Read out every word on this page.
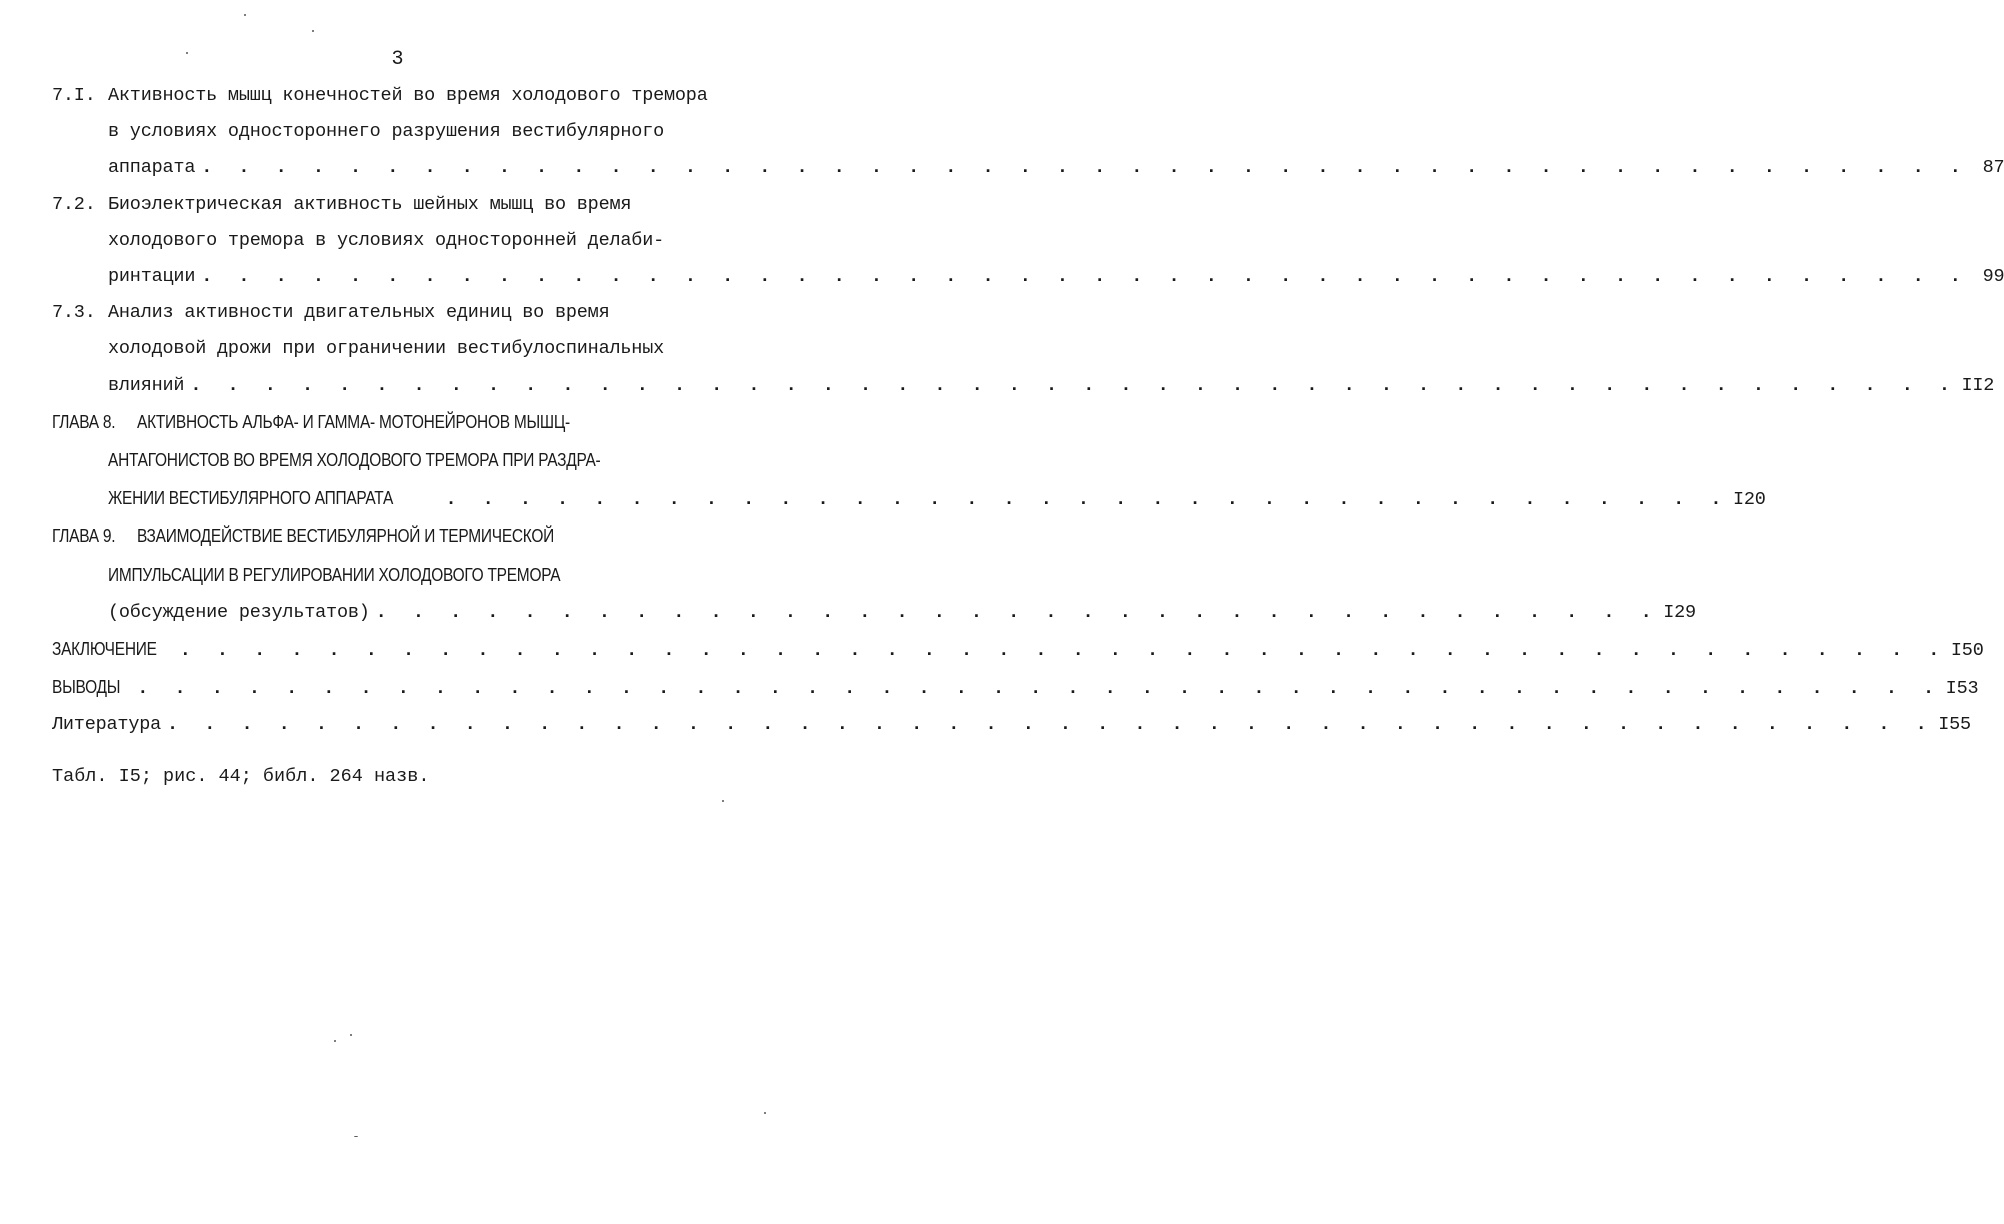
3
7.I. Активность мышц конечностей во время холодового тремора
в условиях одностороннего разрушения вестибулярного
аппарата . . . . . . . . . . . . . . . . . . . . . . . . . . . . . . . . . . . . . . . . . . . . . . . . 87
7.2. Биоэлектрическая активность шейных мышц во время
холодового тремора в условиях односторонней делаби-
ринтации . . . . . . . . . . . . . . . . . . . . . . . . . . . . . . . . . . . . . . . . . . . . . . . . 99
7.3. Анализ активности двигательных единиц во время
холодовой дрожи при ограничении вестибулоспинальных
влияний . . . . . . . . . . . . . . . . . . . . . . . . . . . . . . . . . . . . . . . . . . . . . . . . II2
ГЛАВА 8. АКТИВНОСТЬ АЛЬФА- И ГАММА- МОТОНЕЙРОНОВ МЫШЦ-
АНТАГОНИСТОВ ВО ВРЕМЯ ХОЛОДОВОГО ТРЕМОРА ПРИ РАЗДРА-
ЖЕНИИ ВЕСТИБУЛЯРНОГО АППАРАТА	. . . . . . . . . . . . . . . . . . . . . . . . . . . . . . . . . . . I20
ГЛАВА 9. ВЗАИМОДЕЙСТВИЕ ВЕСТИБУЛЯРНОЙ И ТЕРМИЧЕСКОЙ
ИМПУЛЬСАЦИИ В РЕГУЛИРОВАНИИ ХОЛОДОВОГО ТРЕМОРА
(обсуждение результатов) . . . . . . . . . . . . . . . . . . . . . . . . . . . . . . . . . . . I29
ЗАКЛЮЧЕНИЕ	. . . . . . . . . . . . . . . . . . . . . . . . . . . . . . . . . . . . . . . . . . . . . . . . I50
ВЫВОДЫ . . . . . . . . . . . . . . . . . . . . . . . . . . . . . . . . . . . . . . . . . . . . . . . . . I53
Литература . . . . . . . . . . . . . . . . . . . . . . . . . . . . . . . . . . . . . . . . . . . . . . . . I55
Табл. I5; рис. 44; библ. 264 назв.
